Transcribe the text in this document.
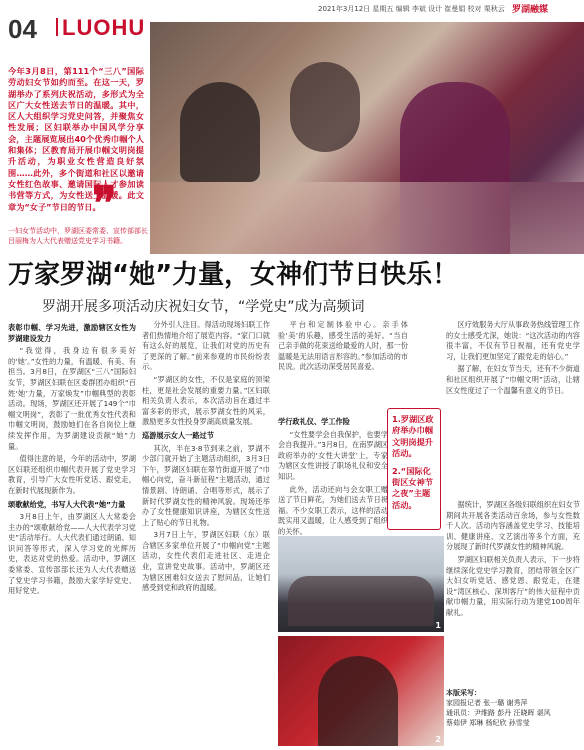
04 LUOHU
2021年3月12日 星期五 编辑 李斌 设计 崔曼娟 校对 栗秋云 罗湖融媒
今年3月8日，第111个“三八”国际劳动妇女节如约而至。在这一天，罗湖举办了系列庆祝活动，多形式为全区广大女性送去节日的温暖。其中，区人大组织学习党史问答，并聚焦女性发展；区妇联举办中国风学分享会，主题展览展出40个优秀巾帼个人和集体；区教育局开展巾帼文明岗提升活动，为职业女性营造良好氛围……此外，多个街道和社区以邀请女性红色故事、邀请国际人才参加读书营等方式，为女性送上温暖。此文章为“女子”节日的节日。
❞
一妇女节活动中，罗湖区委常委、宣传部部长吕丽梅为人大代表赠送党史学习书籍。
万家罗湖“她”力量，女神们节日快乐！
罗湖开展多项活动庆祝妇女节，“学党史”成为高频词

表彰巾帼、学习先进，激励辖区女性为罗湖建设发力

“我觉得，我身边有很多美好的‘她’。”女性的力量，有温暖、有美、有担当。3月8日，在罗湖区“三八”国际妇女节，罗湖区妇联在区委群团办组织“百姓‘她’力量，万家焕发”巾帼典型的表彰活动。现场，罗湖区还开展了149个“巾帼文明岗”，表彰了一批优秀女性代表和巾帼文明岗，鼓励她们在各自岗位上继续发挥作用，为罗湖建设贡献“她”力量。

值得注意的是，今年的活动中，罗湖区妇联还组织巾帼代表开展了党史学习教育，引导广大女性听党话、跟党走，在新时代展现新作为。

颂歌献给党，书写人大代表“她”力量

3月8日上午，由罗湖区人大常委会主办的“颂歌献给党——人大代表学习党史”活动举行。人大代表们通过朗诵、知识问答等形式，深入学习党的光辉历史，表达对党的热爱。活动中，罗湖区委常委、宣传部部长还为人大代表赠送了党史学习书籍，鼓励大家学好党史、用好党史。

分外引人注目。得活动现场妇联工作者们热情地介绍了展览内容。“家门口就有这么好的展览，让我们对党的历史有了更深的了解。”前来参观的市民纷纷表示。

“罗湖区的女性，不仅是家庭的顶梁柱，更是社会发展的重要力量。”区妇联相关负责人表示，本次活动旨在通过丰富多彩的形式，展示罗湖女性的风采，激励更多女性投身罗湖高质量发展。

巡游展示女人一路过节

其次，半在3·8节到来之前，罗湖不少部门就开始了主题活动组织，3月3日下午，罗湖区妇联在翠竹街道开展了“巾帼心向党，奋斗新征程”主题活动，通过情景剧、诗朗诵、合唱等形式，展示了新时代罗湖女性的精神风貌。现场还举办了女性健康知识讲座，为辖区女性送上了贴心的节日礼物。

3月7日上午，罗湖区妇联（东）联合辖区多家单位开展了“巾帼向党”主题活动，女性代表们走进社区、走进企业，宣讲党史故事。活动中，罗湖区还为辖区困难妇女送去了慰问品，让她们感受到党和政府的温暖。

平台和定制体验中心。亲手体验‘美’的乐趣，感受生活的美好。“当自己亲手做的花束送给最爱的人时，那一份温暖是无法用语言形容的。”参加活动的市民说。此次活动深受居民喜爱。

学行政礼仪、学工作险

“女性要学会自我保护，也要学会自我提升。”3月8日，在南罗湖区政府举办的‘女性大讲堂’上，专家为辖区女性讲授了职场礼仪和安全知识。

此外，活动还向与会女职工赠送了节日鲜花，为她们送去节日祝福。不少女职工表示，这样的活动既实用又温暖，让人感受到了组织的关怀。

区疗效服务大厅从事政务热线管理工作的女士感受尤深，她说：“这次活动的内容很丰富，不仅有节日祝福，还有党史学习，让我们更加坚定了跟党走的信心。”

据了解，在妇女节当天，还有不少街道和社区组织开展了“巾帼文明”活动，让辖区女性度过了一个温馨有意义的节日。

据统计，罗湖区各级妇联组织在妇女节期间共开展各类活动百余场，参与女性数千人次。活动内容涵盖党史学习、技能培训、健康讲座、文艺演出等多个方面，充分展现了新时代罗湖女性的精神风貌。

罗湖区妇联相关负责人表示，下一步将继续深化党史学习教育，团结带领全区广大妇女听党话、感党恩、跟党走，在建设“湾区核心、深圳客厅”的伟大征程中贡献巾帼力量，用实际行动为建党100周年献礼。

1.罗湖区政府举办巾帼文明岗提升活动。
2.“国际化街区女神节之夜”主题活动。
1
2
本版采写：
家园报记者 张一璐 谢秀萍
通讯员：尹维路 彭丹 汪晓晖 谌风
蔡茹伊 郑琳 杨纪欣 孙雪莹
